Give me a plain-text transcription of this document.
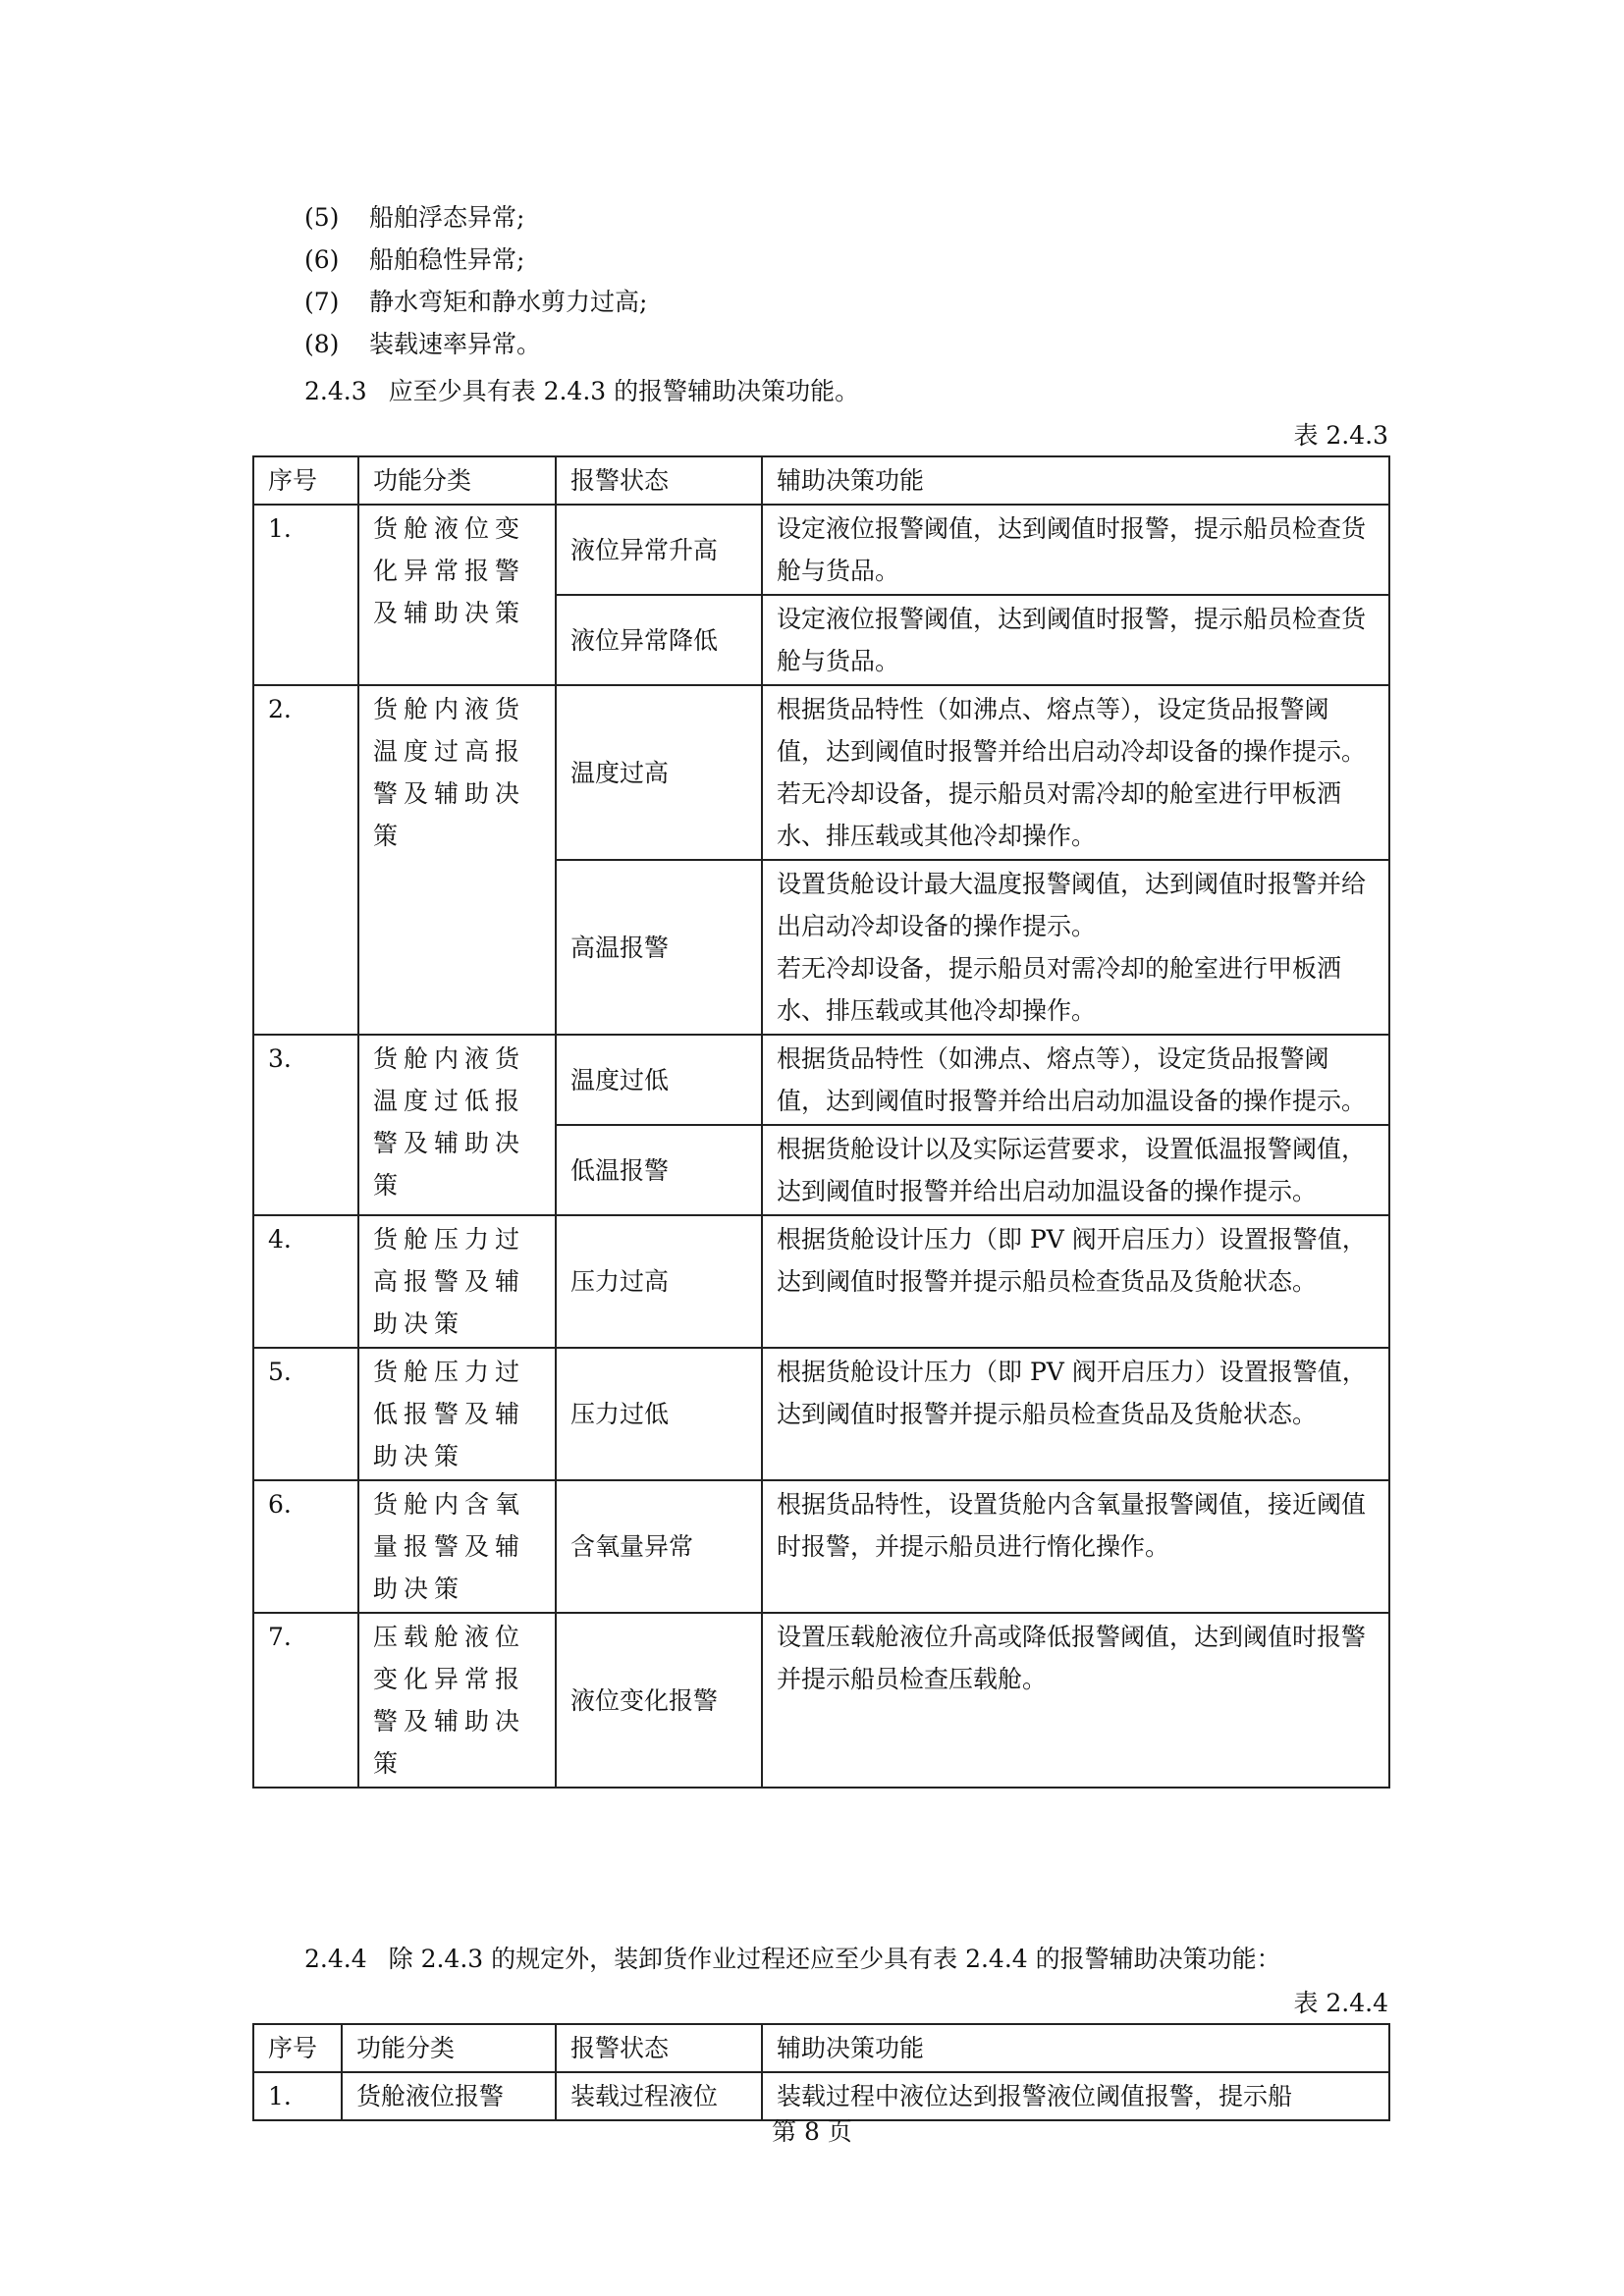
(5) 船舶浮态异常;
(6) 船舶稳性异常;
(7) 静水弯矩和静水剪力过高;
(8) 装载速率异常。
2.4.3 应至少具有表 2.4.3 的报警辅助决策功能。
表 2.4.3
序号	功能分类	报警状态	辅助决策功能
1.	货舱液位变化异常报警及辅助决策	液位异常升高	设定液位报警阈值，达到阈值时报警，提示船员检查货舱与货品。

		液位异常降低	设定液位报警阈值，达到阈值时报警，提示船员检查货舱与货品。

2.	货舱内液货温度过高报警及辅助决策	温度过高	根据货品特性（如沸点、熔点等），设定货品报警阈值，达到阈值时报警并给出启动冷却设备的操作提示。

若无冷却设备，提示船员对需冷却的舱室进行甲板洒水、排压载或其他冷却操作。

		高温报警	设置货舱设计最大温度报警阈值，达到阈值时报警并给出启动冷却设备的操作提示。

若无冷却设备，提示船员对需冷却的舱室进行甲板洒水、排压载或其他冷却操作。

3.	货舱内液货温度过低报警及辅助决策	温度过低	根据货品特性（如沸点、熔点等），设定货品报警阈值，达到阈值时报警并给出启动加温设备的操作提示。

		低温报警	根据货舱设计以及实际运营要求，设置低温报警阈值，达到阈值时报警并给出启动加温设备的操作提示。

4.	货舱压力过高报警及辅助决策	压力过高	根据货舱设计压力（即 PV 阀开启压力）设置报警值，达到阈值时报警并提示船员检查货品及货舱状态。

5.	货舱压力过低报警及辅助决策	压力过低	根据货舱设计压力（即 PV 阀开启压力）设置报警值，达到阈值时报警并提示船员检查货品及货舱状态。

6.	货舱内含氧量报警及辅助决策	含氧量异常	根据货品特性，设置货舱内含氧量报警阈值，接近阈值时报警，并提示船员进行惰化操作。

7.	压载舱液位变化异常报警及辅助决策	液位变化报警	设置压载舱液位升高或降低报警阈值，达到阈值时报警并提示船员检查压载舱。

2.4.4 除 2.4.3 的规定外，装卸货作业过程还应至少具有表 2.4.4 的报警辅助决策功能：
表 2.4.4
序号	功能分类	报警状态	辅助决策功能
1.	货舱液位报警	装载过程液位	装载过程中液位达到报警液位阈值报警，提示船
第 8 页
